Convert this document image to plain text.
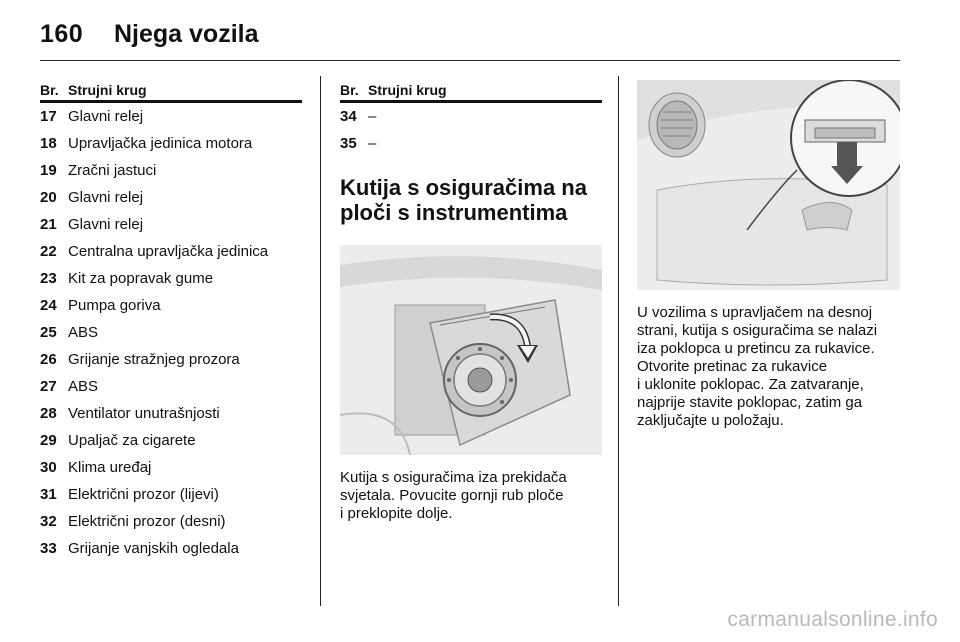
160 Njega vozila
Br. Strujni krug
17 Glavni relej
18 Upravljačka jedinica motora
19 Zračni jastuci
20 Glavni relej
21 Glavni relej
22 Centralna upravljačka jedinica
23 Kit za popravak gume
24 Pumpa goriva
25 ABS
26 Grijanje stražnjeg prozora
27 ABS
28 Ventilator unutrašnjosti
29 Upaljač za cigarete
30 Klima uređaj
31 Električni prozor (lijevi)
32 Električni prozor (desni)
33 Grijanje vanjskih ogledala
Br. Strujni krug
34 –
35 –
Kutija s osiguračima na
ploči s instrumentima
Kutija s osiguračima iza prekidača
svjetala. Povucite gornji rub ploče
i preklopite dolje.
U vozilima s upravljačem na desnoj
strani, kutija s osiguračima se nalazi
iza poklopca u pretincu za rukavice.
Otvorite pretinac za rukavice
i uklonite poklopac. Za zatvaranje,
najprije stavite poklopac, zatim ga
zaključajte u položaju.
carmanualsonline.info
